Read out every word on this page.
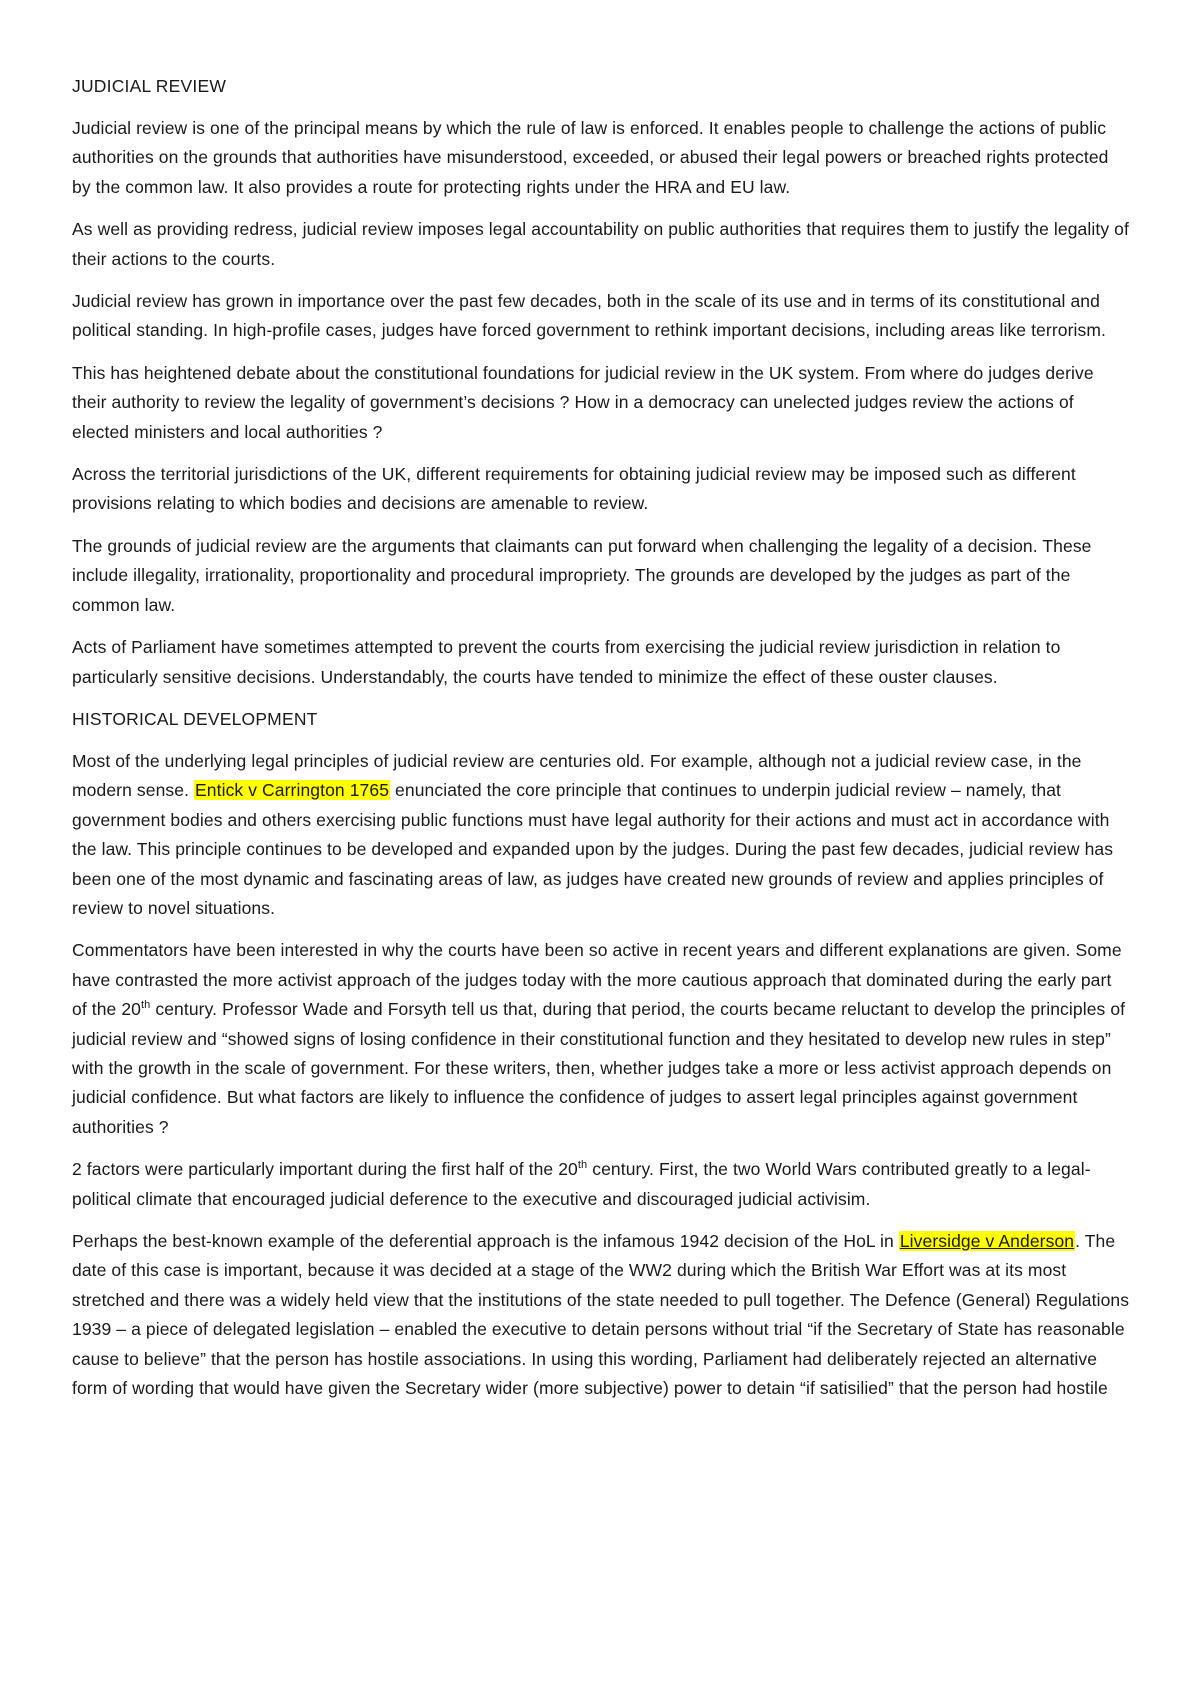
JUDICIAL REVIEW

Judicial review is one of the principal means by which the rule of law is enforced. It enables people to challenge the actions of public authorities on the grounds that authorities have misunderstood, exceeded, or abused their legal powers or breached rights protected by the common law. It also provides a route for protecting rights under the HRA and EU law.

As well as providing redress, judicial review imposes legal accountability on public authorities that requires them to justify the legality of their actions to the courts.

Judicial review has grown in importance over the past few decades, both in the scale of its use and in terms of its constitutional and political standing. In high-profile cases, judges have forced government to rethink important decisions, including areas like terrorism.

This has heightened debate about the constitutional foundations for judicial review in the UK system. From where do judges derive their authority to review the legality of government’s decisions ? How in a democracy can unelected judges review the actions of elected ministers and local authorities ?

Across the territorial jurisdictions of the UK, different requirements for obtaining judicial review may be imposed such as different provisions relating to which bodies and decisions are amenable to review.

The grounds of judicial review are the arguments that claimants can put forward when challenging the legality of a decision. These include illegality, irrationality, proportionality and procedural impropriety. The grounds are developed by the judges as part of the common law.

Acts of Parliament have sometimes attempted to prevent the courts from exercising the judicial review jurisdiction in relation to particularly sensitive decisions. Understandably, the courts have tended to minimize the effect of these ouster clauses.

HISTORICAL DEVELOPMENT

Most of the underlying legal principles of judicial review are centuries old. For example, although not a judicial review case, in the modern sense. Entick v Carrington 1765 enunciated the core principle that continues to underpin judicial review – namely, that government bodies and others exercising public functions must have legal authority for their actions and must act in accordance with the law. This principle continues to be developed and expanded upon by the judges. During the past few decades, judicial review has been one of the most dynamic and fascinating areas of law, as judges have created new grounds of review and applies principles of review to novel situations.

Commentators have been interested in why the courts have been so active in recent years and different explanations are given. Some have contrasted the more activist approach of the judges today with the more cautious approach that dominated during the early part of the 20th century. Professor Wade and Forsyth tell us that, during that period, the courts became reluctant to develop the principles of judicial review and “showed signs of losing confidence in their constitutional function and they hesitated to develop new rules in step” with the growth in the scale of government. For these writers, then, whether judges take a more or less activist approach depends on judicial confidence. But what factors are likely to influence the confidence of judges to assert legal principles against government authorities ?

2 factors were particularly important during the first half of the 20th century. First, the two World Wars contributed greatly to a legal-political climate that encouraged judicial deference to the executive and discouraged judicial activisim.

Perhaps the best-known example of the deferential approach is the infamous 1942 decision of the HoL in Liversidge v Anderson. The date of this case is important, because it was decided at a stage of the WW2 during which the British War Effort was at its most stretched and there was a widely held view that the institutions of the state needed to pull together. The Defence (General) Regulations 1939 – a piece of delegated legislation – enabled the executive to detain persons without trial “if the Secretary of State has reasonable cause to believe” that the person has hostile associations. In using this wording, Parliament had deliberately rejected an alternative form of wording that would have given the Secretary wider (more subjective) power to detain “if satisilied” that the person had hostile
